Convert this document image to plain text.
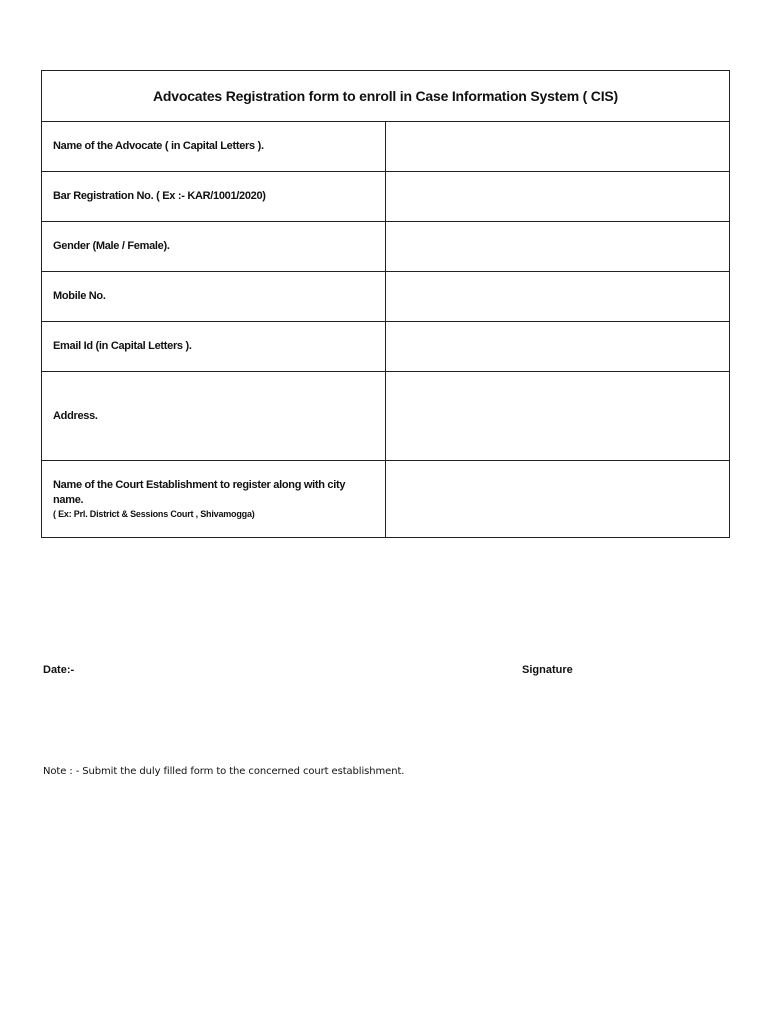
Advocates Registration form to enroll in Case Information System ( CIS)	
Name of the Advocate ( in Capital Letters ).	
Bar Registration No. ( Ex :- KAR/1001/2020)	
Gender (Male / Female).	
Mobile No.	
Email Id (in Capital Letters ).	
Address.	

Name of the Court Establishment to register along with city name.
( Ex: Prl. District & Sessions Court , Shivamogga)	

Date:-	Signature
Note : - Submit the duly filled form to the concerned court establishment.
